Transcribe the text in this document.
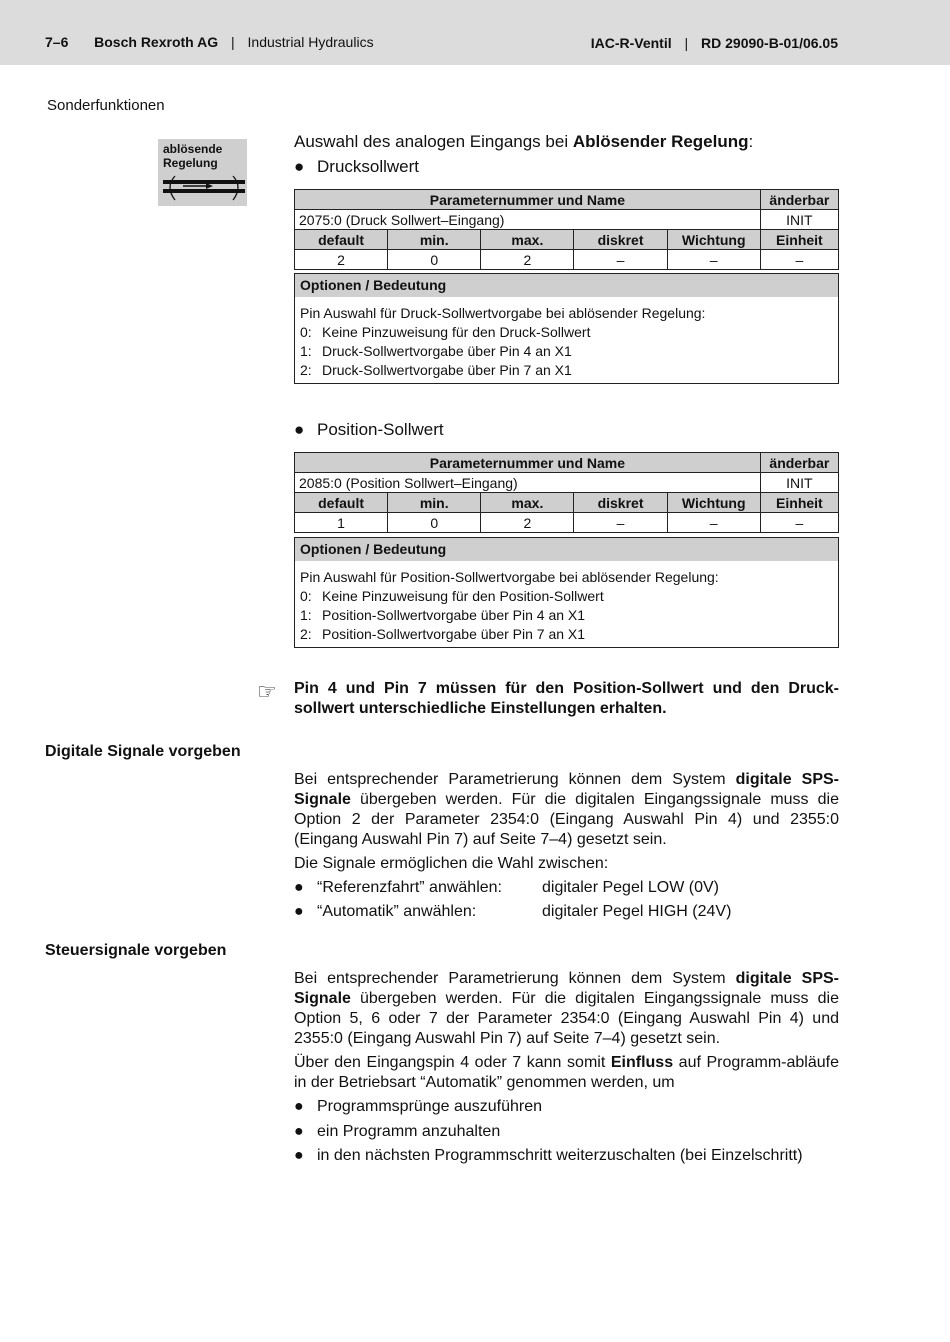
7–6 Bosch Rexroth AG | Industrial Hydraulics	IAC-R-Ventil | RD 29090-B-01/06.05
Sonderfunktionen
ablösende
Regelung
Auswahl des analogen Eingangs bei Ablösender Regelung:
● Drucksollwert
Parameternummer und Name					änderbar
2075:0 (Druck Sollwert–Eingang)					INIT
default	min.	max.	diskret	Wichtung	Einheit
2	0	2	–	–	–
Optionen / Bedeutung
Pin Auswahl für Druck-Sollwertvorgabe bei ablösender Regelung:
0: Keine Pinzuweisung für den Druck-Sollwert
1: Druck-Sollwertvorgabe über Pin 4 an X1
2: Druck-Sollwertvorgabe über Pin 7 an X1
● Position-Sollwert
Parameternummer und Name					änderbar
2085:0 (Position Sollwert–Eingang)					INIT
default	min.	max.	diskret	Wichtung	Einheit
1	0	2	–	–	–
Optionen / Bedeutung
Pin Auswahl für Position-Sollwertvorgabe bei ablösender Regelung:
0: Keine Pinzuweisung für den Position-Sollwert
1: Position-Sollwertvorgabe über Pin 4 an X1
2: Position-Sollwertvorgabe über Pin 7 an X1
☞ Pin 4 und Pin 7 müssen für den Position-Sollwert und den Druck-sollwert unterschiedliche Einstellungen erhalten.
Digitale Signale vorgeben
Bei entsprechender Parametrierung können dem System digitale SPS-Signale übergeben werden. Für die digitalen Eingangssignale muss die Option 2 der Parameter 2354:0 (Eingang Auswahl Pin 4) und 2355:0 (Eingang Auswahl Pin 7) auf Seite 7–4) gesetzt sein.
Die Signale ermöglichen die Wahl zwischen:
● “Referenzfahrt” anwählen:	digitaler Pegel LOW (0V)
● “Automatik” anwählen:	digitaler Pegel HIGH (24V)
Steuersignale vorgeben
Bei entsprechender Parametrierung können dem System digitale SPS-Signale übergeben werden. Für die digitalen Eingangssignale muss die Option 5, 6 oder 7 der Parameter 2354:0 (Eingang Auswahl Pin 4) und 2355:0 (Eingang Auswahl Pin 7) auf Seite 7–4) gesetzt sein.
Über den Eingangspin 4 oder 7 kann somit Einfluss auf Programm-abläufe in der Betriebsart “Automatik” genommen werden, um
● Programmsprünge auszuführen
● ein Programm anzuhalten
● in den nächsten Programmschritt weiterzuschalten (bei Einzelschritt)
